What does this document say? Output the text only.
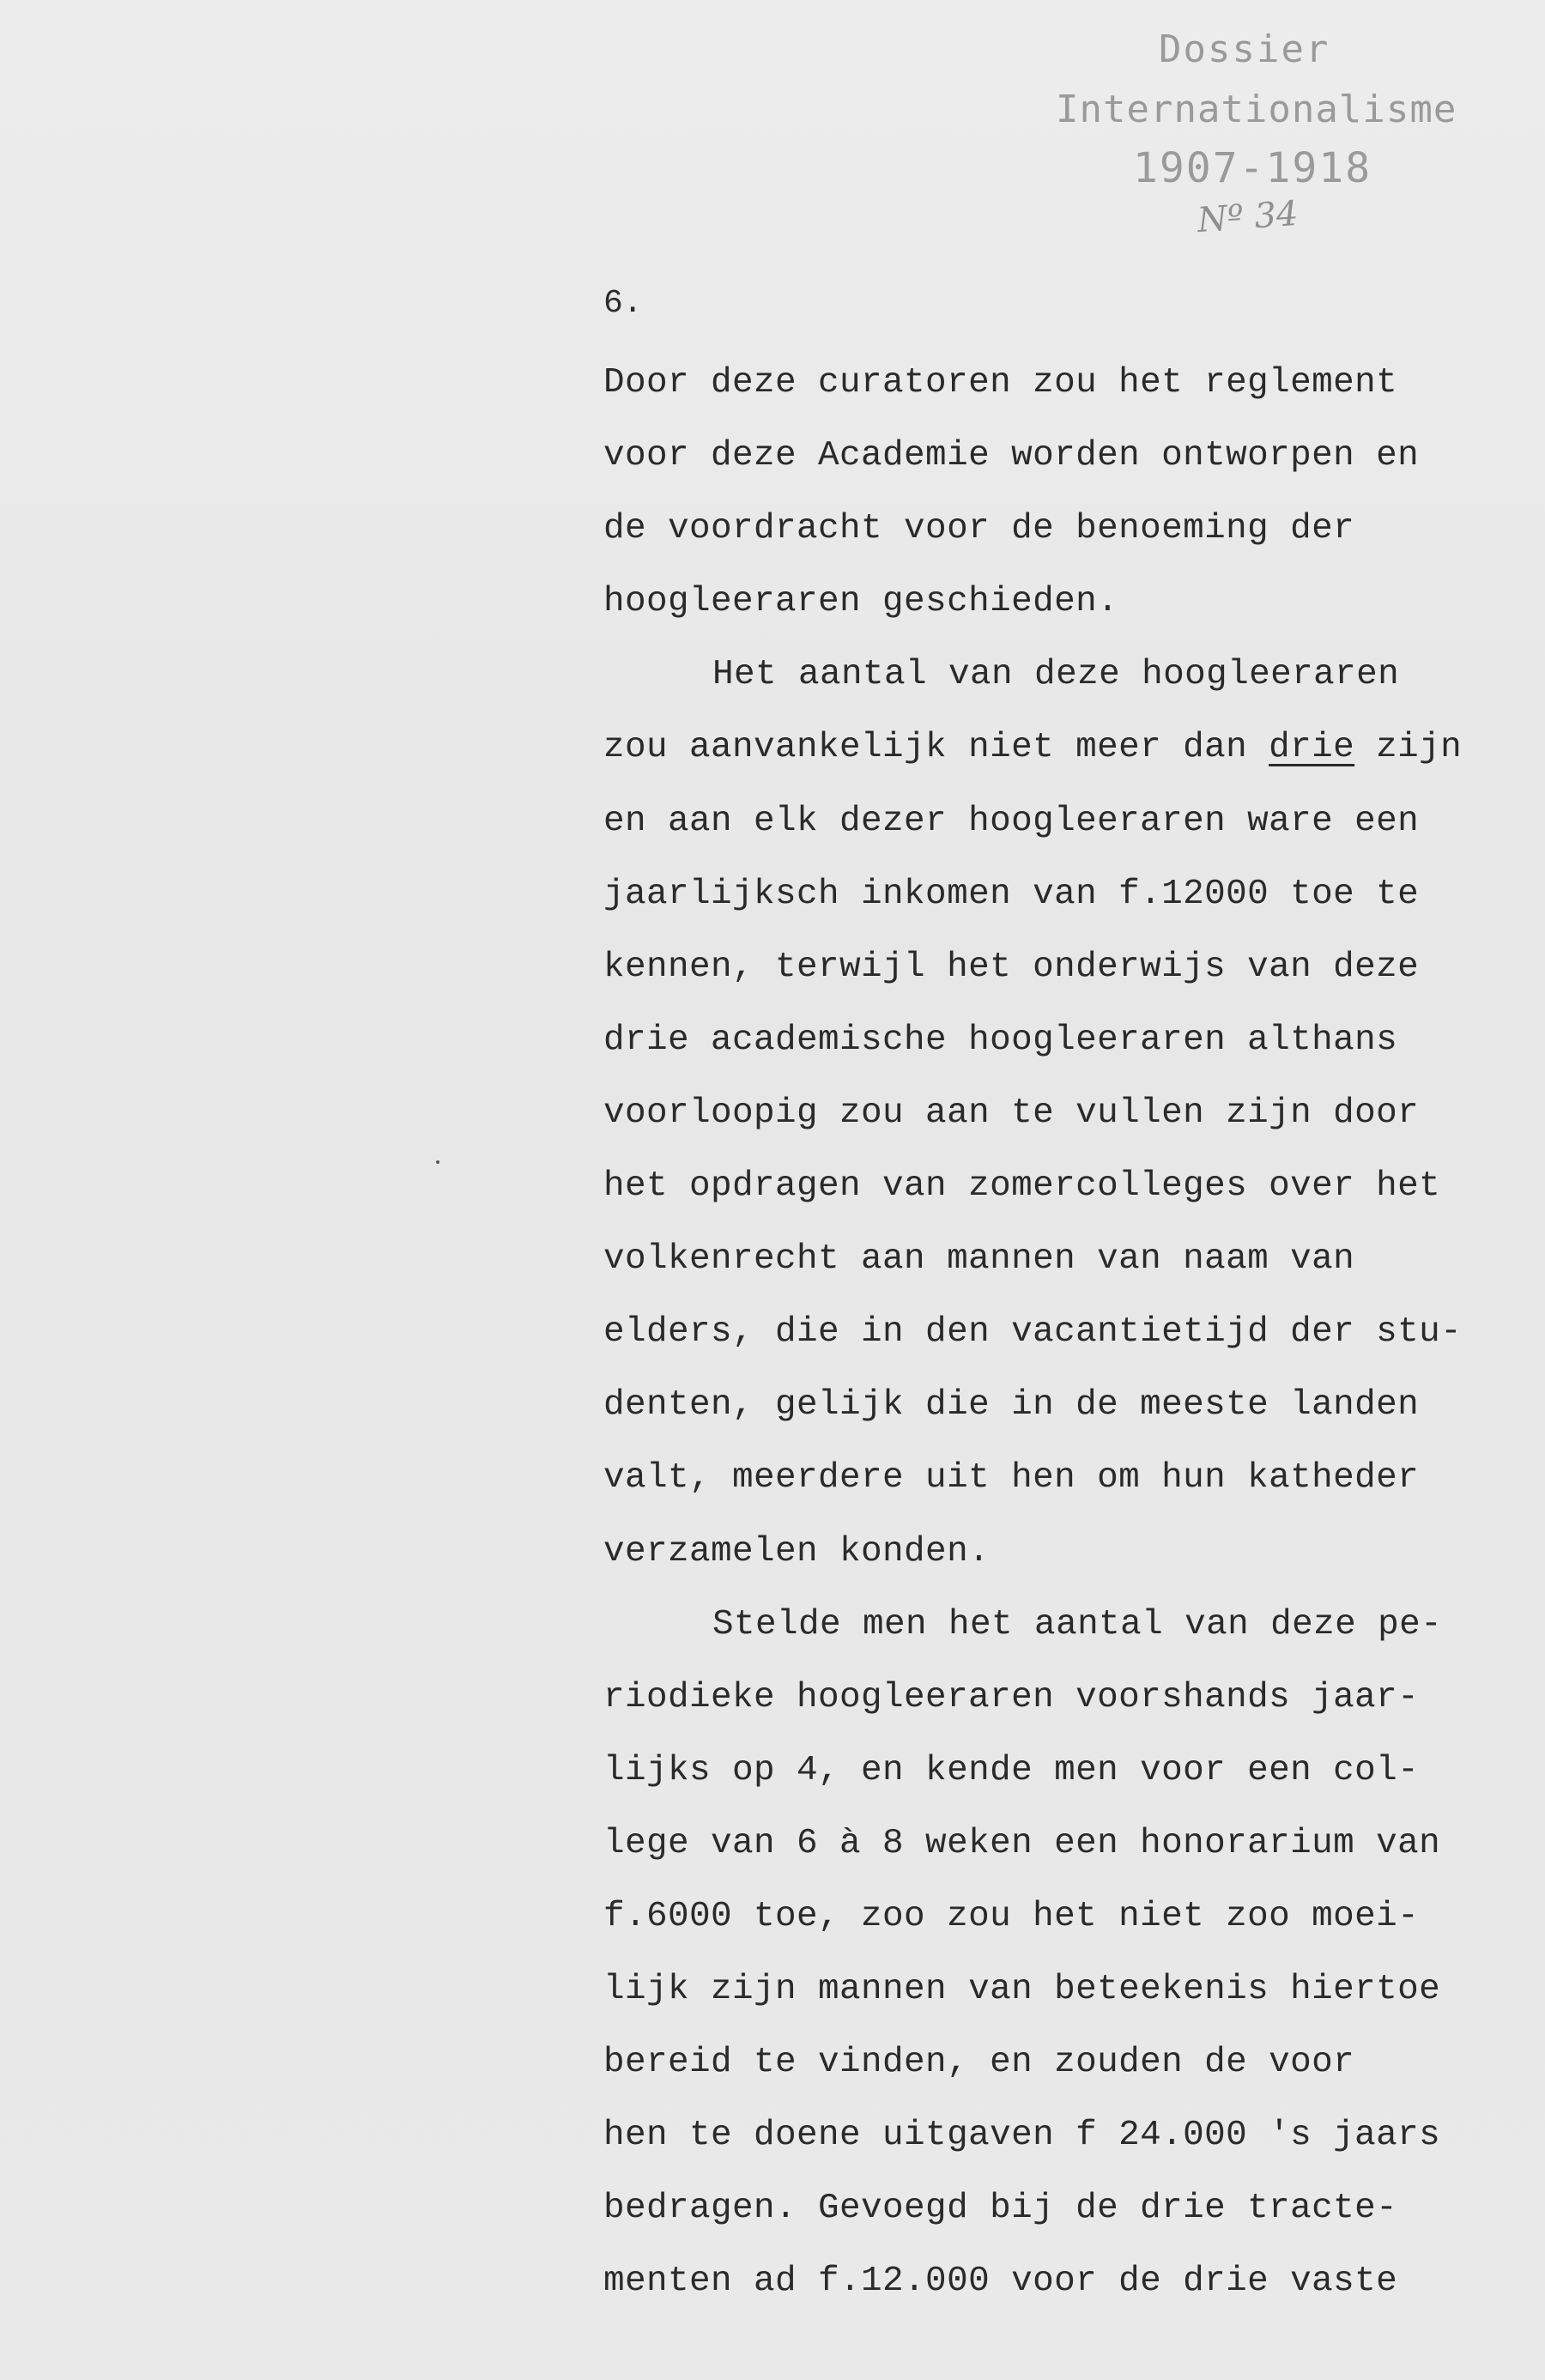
Dossier
Internationalisme
1907-1918
Nº 34
6.
Door deze curatoren zou het reglement
voor deze Academie worden ontworpen en
de voordracht voor de benoeming der
hoogleeraren geschieden.
Het aantal van deze hoogleeraren
zou aanvankelijk niet meer dan drie zijn
en aan elk dezer hoogleeraren ware een
jaarlijksch inkomen van f.12000 toe te
kennen, terwijl het onderwijs van deze
drie academische hoogleeraren althans
voorloopig zou aan te vullen zijn door
het opdragen van zomercolleges over het
volkenrecht aan mannen van naam van
elders, die in den vacantietijd der stu-
denten, gelijk die in de meeste landen
valt, meerdere uit hen om hun katheder
verzamelen konden.
Stelde men het aantal van deze pe-
riodieke hoogleeraren voorshands jaar-
lijks op 4, en kende men voor een col-
lege van 6 à 8 weken een honorarium van
f.6000 toe, zoo zou het niet zoo moei-
lijk zijn mannen van beteekenis hiertoe
bereid te vinden, en zouden de voor
hen te doene uitgaven f 24.000 's jaars
bedragen. Gevoegd bij de drie tracte-
menten ad f.12.000 voor de drie vaste
